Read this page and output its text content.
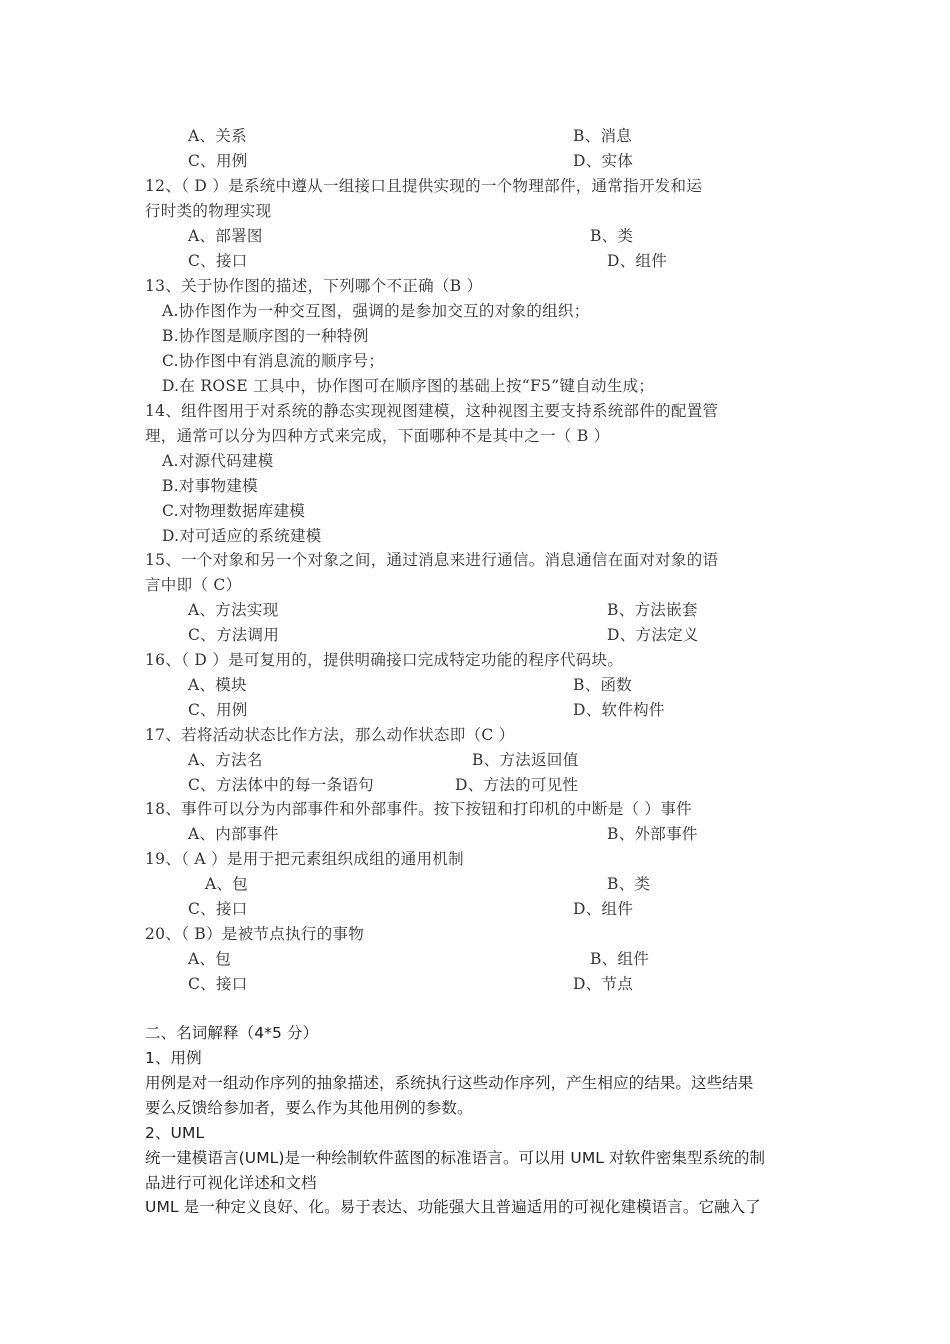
A、关系	B、消息
C、用例	D、实体
12、（ D ）是系统中遵从一组接口且提供实现的一个物理部件，通常指开发和运
行时类的物理实现
A、部署图	B、类
C、接口	D、组件
13、关于协作图的描述，下列哪个不正确（B ）
A.协作图作为一种交互图，强调的是参加交互的对象的组织；
B.协作图是顺序图的一种特例
C.协作图中有消息流的顺序号；
D.在 ROSE 工具中，协作图可在顺序图的基础上按“F5”键自动生成；
14、组件图用于对系统的静态实现视图建模，这种视图主要支持系统部件的配置管
理，通常可以分为四种方式来完成，下面哪种不是其中之一（ B ）
A.对源代码建模
B.对事物建模
C.对物理数据库建模
D.对可适应的系统建模
15、一个对象和另一个对象之间，通过消息来进行通信。消息通信在面对对象的语
言中即（ C）
A、方法实现	B、方法嵌套
C、方法调用	D、方法定义
16、（ D ）是可复用的，提供明确接口完成特定功能的程序代码块。
A、模块	B、函数
C、用例	D、软件构件
17、若将活动状态比作方法，那么动作状态即（C ）
A、方法名	B、方法返回值
C、方法体中的每一条语句	D、方法的可见性
18、事件可以分为内部事件和外部事件。按下按钮和打印机的中断是（ ）事件
A、内部事件	B、外部事件
19、（ A ）是用于把元素组织成组的通用机制
A、包	B、类
C、接口	D、组件
20、（ B）是被节点执行的事物
A、包	B、组件
C、接口	D、节点
二、名词解释（4*5 分）
1、用例
用例是对一组动作序列的抽象描述，系统执行这些动作序列，产生相应的结果。这些结果
要么反馈给参加者，要么作为其他用例的参数。
2、UML
统一建模语言(UML)是一种绘制软件蓝图的标准语言。可以用 UML 对软件密集型系统的制
品进行可视化详述和文档
UML 是一种定义良好、化。易于表达、功能强大且普遍适用的可视化建模语言。它融入了
